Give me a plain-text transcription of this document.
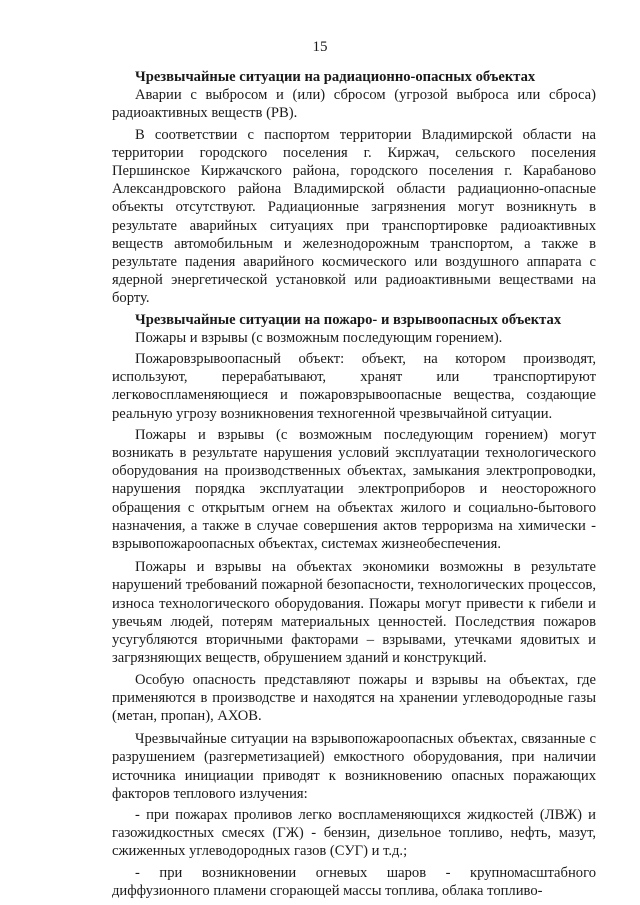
15
Чрезвычайные ситуации на радиационно-опасных объектах

Аварии с выбросом и (или) сбросом (угрозой выброса или сброса) радиоактивных веществ (РВ).

В соответствии с паспортом территории Владимирской области на территории городского поселения г. Киржач, сельского поселения Першинское Киржачского района, городского поселения г. Карабаново Александровского района Владимирской области радиационно-опасные объекты отсутствуют. Радиационные загрязнения могут возникнуть в результате аварийных ситуациях при транспортировке радиоактивных веществ автомобильным и железнодорожным транспортом, а также в результате падения аварийного космического или воздушного аппарата с ядерной энергетической установкой или радиоактивными веществами на борту.

Чрезвычайные ситуации на пожаро- и взрывоопасных объектах

Пожары и взрывы (с возможным последующим горением).

Пожаровзрывоопасный объект: объект, на котором производят, используют, перерабатывают, хранят или транспортируют легковоспламеняющиеся и пожаровзрывоопасные вещества, создающие реальную угрозу возникновения техногенной чрезвычайной ситуации.

Пожары и взрывы (с возможным последующим горением) могут возникать в результате нарушения условий эксплуатации технологического оборудования на производственных объектах, замыкания электропроводки, нарушения порядка эксплуатации электроприборов и неосторожного обращения с открытым огнем на объектах жилого и социально-бытового назначения, а также в случае совершения актов терроризма на химически - взрывопожароопасных объектах, системах жизнеобеспечения.

Пожары и взрывы на объектах экономики возможны в результате нарушений требований пожарной безопасности, технологических процессов, износа технологического оборудования. Пожары могут привести к гибели и увечьям людей, потерям материальных ценностей. Последствия пожаров усугубляются вторичными факторами – взрывами, утечками ядовитых и загрязняющих веществ, обрушением зданий и конструкций.

Особую опасность представляют пожары и взрывы на объектах, где применяются в производстве и находятся на хранении углеводородные газы (метан, пропан), АХОВ.

Чрезвычайные ситуации на взрывопожароопасных объектах, связанные с разрушением (разгерметизацией) емкостного оборудования, при наличии источника инициации приводят к возникновению опасных поражающих факторов теплового излучения:

- при пожарах проливов легко воспламеняющихся жидкостей (ЛВЖ) и газожидкостных смесях (ГЖ) - бензин, дизельное топливо, нефть, мазут, сжиженных углеводородных газов (СУГ) и т.д.;

- при возникновении огневых шаров - крупномасштабного диффузионного пламени сгорающей массы топлива, облака топливо-
